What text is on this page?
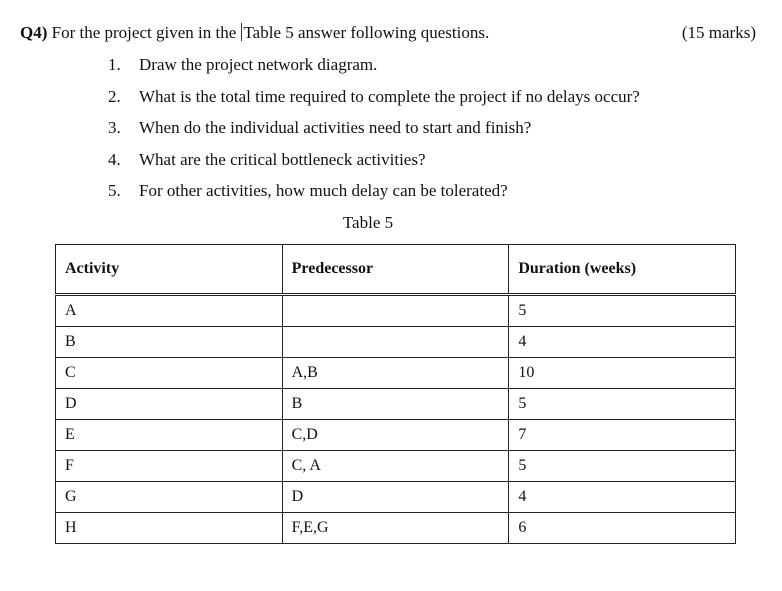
Q4) For the project given in the Table 5 answer following questions.	(15 marks)
1. Draw the project network diagram.
2. What is the total time required to complete the project if no delays occur?
3. When do the individual activities need to start and finish?
4. What are the critical bottleneck activities?
5. For other activities, how much delay can be tolerated?
Table 5
Activity	Predecessor	Duration (weeks)
A		5
B		4
C	A,B	10
D	B	5
E	C,D	7
F	C, A	5
G	D	4
H	F,E,G	6
